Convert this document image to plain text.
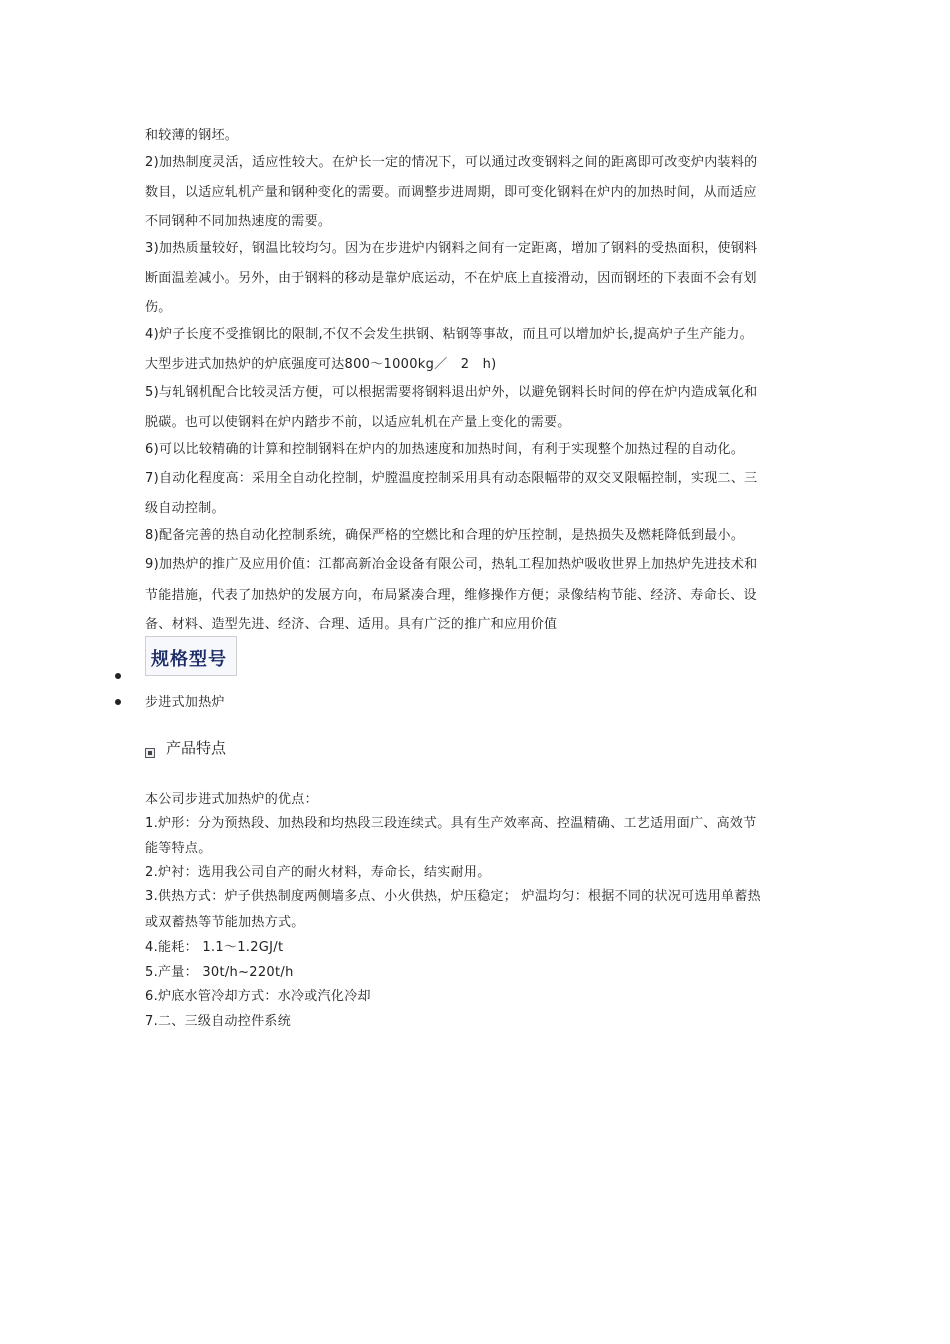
和较薄的钢坯。
2)加热制度灵活，适应性较大。在炉长一定的情况下，可以通过改变钢料之间的距离即可改变炉内装料的
数目，以适应轧机产量和钢种变化的需要。而调整步进周期，即可变化钢料在炉内的加热时间，从而适应
不同钢种不同加热速度的需要。
3)加热质量较好，钢温比较均匀。因为在步进炉内钢料之间有一定距离，增加了钢料的受热面积，使钢料
断面温差减小。另外，由于钢料的移动是靠炉底运动，不在炉底上直接滑动，因而钢坯的下表面不会有划
伤。
4)炉子长度不受推钢比的限制,不仅不会发生拱钢、粘钢等事故，而且可以增加炉长,提高炉子生产能力。
大型步进式加热炉的炉底强度可达800～1000kg／　2　h)
5)与轧钢机配合比较灵活方便，可以根据需要将钢料退出炉外，以避免钢料长时间的停在炉内造成氧化和
脱碳。也可以使钢料在炉内踏步不前，以适应轧机在产量上变化的需要。
6)可以比较精确的计算和控制钢料在炉内的加热速度和加热时间，有利于实现整个加热过程的自动化。
7)自动化程度高：采用全自动化控制，炉膛温度控制采用具有动态限幅带的双交叉限幅控制，实现二、三
级自动控制。
8)配备完善的热自动化控制系统，确保严格的空燃比和合理的炉压控制，是热损失及燃耗降低到最小。
9)加热炉的推广及应用价值：江都高新冶金设备有限公司，热轧工程加热炉吸收世界上加热炉先进技术和
节能措施，代表了加热炉的发展方向，布局紧凑合理，维修操作方便；录像结构节能、经济、寿命长、设
备、材料、造型先进、经济、合理、适用。具有广泛的推广和应用价值
规格型号
步进式加热炉
产品特点
本公司步进式加热炉的优点：
1.炉形：分为预热段、加热段和均热段三段连续式。具有生产效率高、控温精确、工艺适用面广、高效节
能等特点。
2.炉衬：选用我公司自产的耐火材料，寿命长，结实耐用。
3.供热方式：炉子供热制度两侧墙多点、小火供热，炉压稳定； 炉温均匀：根据不同的状况可选用单蓄热
或双蓄热等节能加热方式。
4.能耗： 1.1～1.2GJ/t
5.产量： 30t/h~220t/h
6.炉底水管冷却方式：水冷或汽化冷却
7.二、三级自动控件系统
